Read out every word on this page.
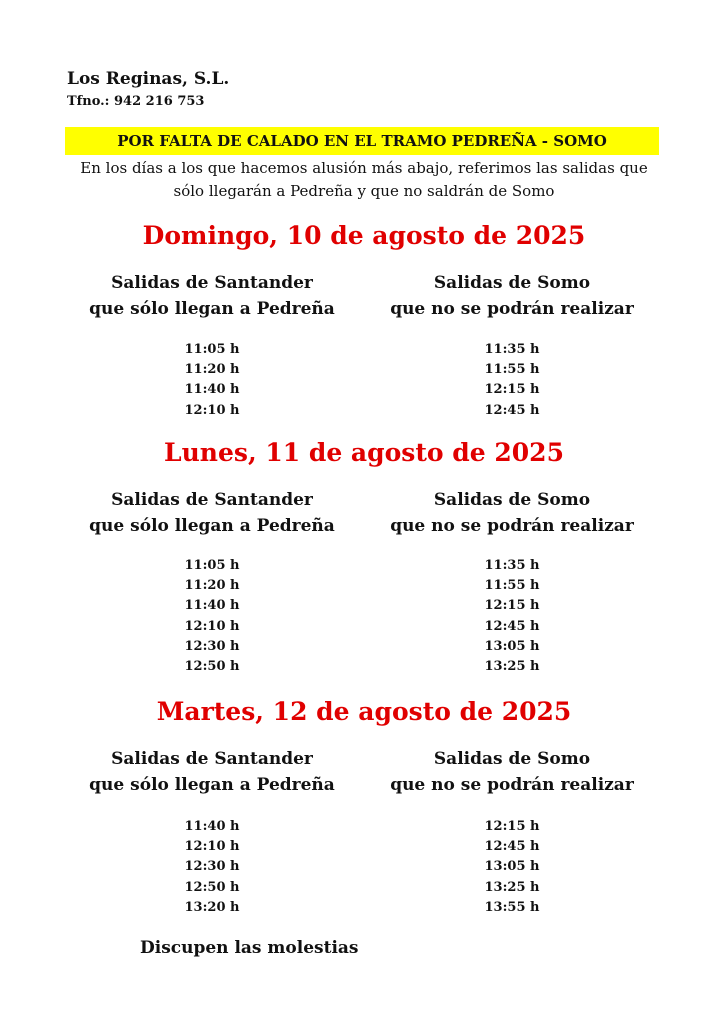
Los Reginas, S.L.
Tfno.: 942 216 753
POR FALTA DE CALADO EN EL TRAMO PEDREÑA - SOMO
En los días a los que hacemos alusión más abajo, referimos las salidas que
sólo llegarán a Pedreña y que no saldrán de Somo
Domingo, 10 de agosto de 2025
Salidas de Santander
que sólo llegan a Pedreña
Salidas de Somo
que no se podrán realizar
11:05 h
11:20 h
11:40 h
12:10 h
11:35 h
11:55 h
12:15 h
12:45 h
Lunes, 11 de agosto de 2025
Salidas de Santander
que sólo llegan a Pedreña
Salidas de Somo
que no se podrán realizar
11:05 h
11:20 h
11:40 h
12:10 h
12:30 h
12:50 h
11:35 h
11:55 h
12:15 h
12:45 h
13:05 h
13:25 h
Martes, 12 de agosto de 2025
Salidas de Santander
que sólo llegan a Pedreña
Salidas de Somo
que no se podrán realizar
11:40 h
12:10 h
12:30 h
12:50 h
13:20 h
12:15 h
12:45 h
13:05 h
13:25 h
13:55 h
Discupen las molestias
